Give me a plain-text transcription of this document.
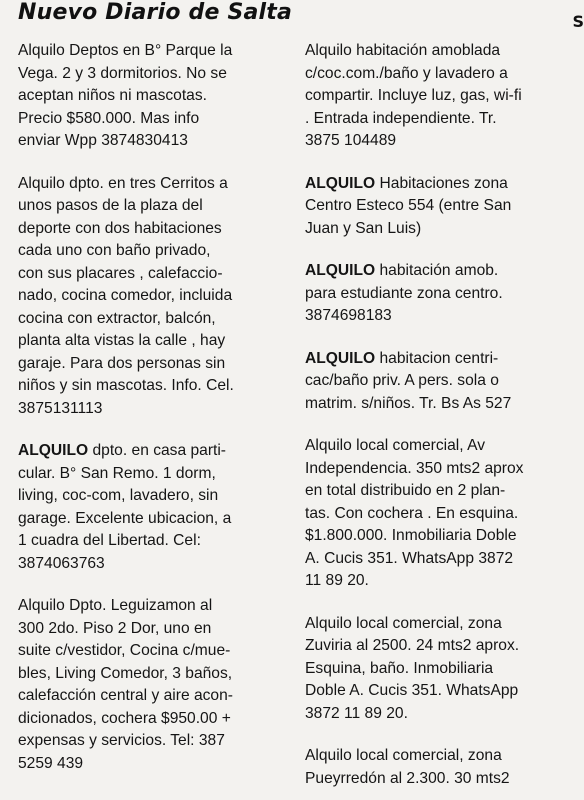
Nuevo Diario de Salta	S

Alquilo Deptos en B° Parque la
Vega. 2 y 3 dormitorios. No se
aceptan niños ni mascotas.
Precio $580.000. Mas info
enviar Wpp 3874830413

Alquilo dpto. en tres Cerritos a
unos pasos de la plaza del
deporte con dos habitaciones
cada uno con baño privado,
con sus placares , calefaccio-
nado, cocina comedor, incluida
cocina con extractor, balcón,
planta alta vistas la calle , hay
garaje. Para dos personas sin
niños y sin mascotas. Info. Cel.
3875131113

ALQUILO dpto. en casa parti-
cular. B° San Remo. 1 dorm,
living, coc-com, lavadero, sin
garage. Excelente ubicacion, a
1 cuadra del Libertad. Cel:
3874063763

Alquilo Dpto. Leguizamon al
300 2do. Piso 2 Dor, uno en
suite c/vestidor, Cocina c/mue-
bles, Living Comedor, 3 baños,
calefacción central y aire acon-
dicionados, cochera $950.00 +
expensas y servicios. Tel: 387
5259 439

Alquilo habitación amoblada
c/coc.com./baño y lavadero a
compartir. Incluye luz, gas, wi-fi
. Entrada independiente. Tr.
3875 104489

ALQUILO Habitaciones zona
Centro Esteco 554 (entre San
Juan y San Luis)

ALQUILO habitación amob.
para estudiante zona centro.
3874698183

ALQUILO habitacion centri-
cac/baño priv. A pers. sola o
matrim. s/niños. Tr. Bs As 527

Alquilo local comercial, Av
Independencia. 350 mts2 aprox
en total distribuido en 2 plan-
tas. Con cochera . En esquina.
$1.800.000. Inmobiliaria Doble
A. Cucis 351. WhatsApp 3872
11 89 20.

Alquilo local comercial, zona
Zuviria al 2500. 24 mts2 aprox.
Esquina, baño. Inmobiliaria
Doble A. Cucis 351. WhatsApp
3872 11 89 20.

Alquilo local comercial, zona
Pueyrredón al 2.300. 30 mts2
